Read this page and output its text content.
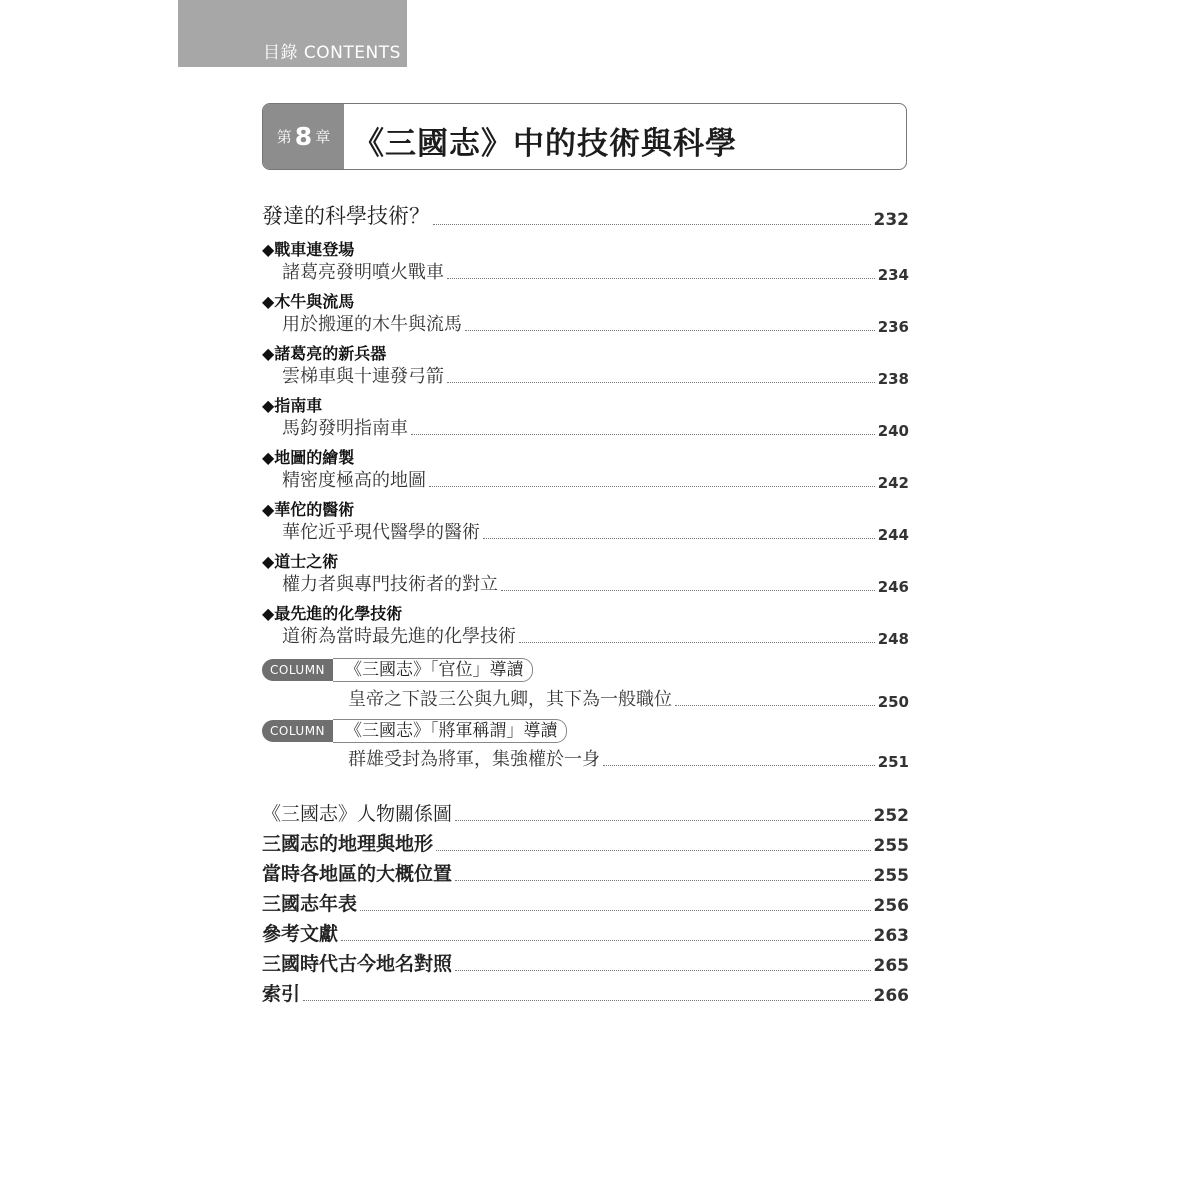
目錄 CONTENTS
第 8 章 《三國志》中的技術與科學
發達的科學技術？	232
◆戰車連登場
諸葛亮發明噴火戰車	234
◆木牛與流馬
用於搬運的木牛與流馬	236
◆諸葛亮的新兵器
雲梯車與十連發弓箭	238
◆指南車
馬鈞發明指南車	240
◆地圖的繪製
精密度極高的地圖	242
◆華佗的醫術
華佗近乎現代醫學的醫術	244
◆道士之術
權力者與專門技術者的對立	246
◆最先進的化學技術
道術為當時最先進的化學技術	248
COLUMN	《三國志》「官位」導讀
皇帝之下設三公與九卿，其下為一般職位	250
COLUMN	《三國志》「將軍稱謂」導讀
群雄受封為將軍，集強權於一身	251
《三國志》人物關係圖	252
三國志的地理與地形	255
當時各地區的大概位置	255
三國志年表	256
參考文獻	263
三國時代古今地名對照	265
索引	266
